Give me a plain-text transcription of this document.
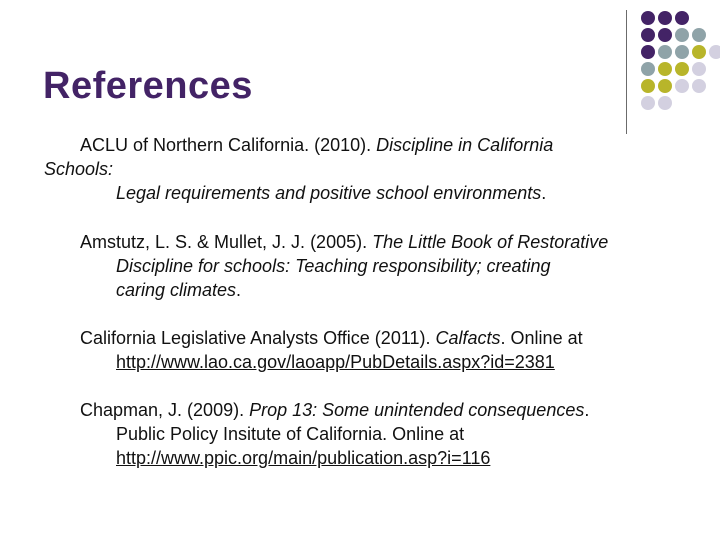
References
ACLU of Northern California. (2010). Discipline in California
Schools:
Legal requirements and positive school environments.
Amstutz, L. S. & Mullet, J. J. (2005). The Little Book of Restorative
Discipline for schools: Teaching responsibility; creating
caring climates.
California Legislative Analysts Office (2011). Calfacts. Online at
http://www.lao.ca.gov/laoapp/PubDetails.aspx?id=2381
Chapman, J. (2009). Prop 13: Some unintended consequences.
Public Policy Insitute of California. Online at
http://www.ppic.org/main/publication.asp?i=116
